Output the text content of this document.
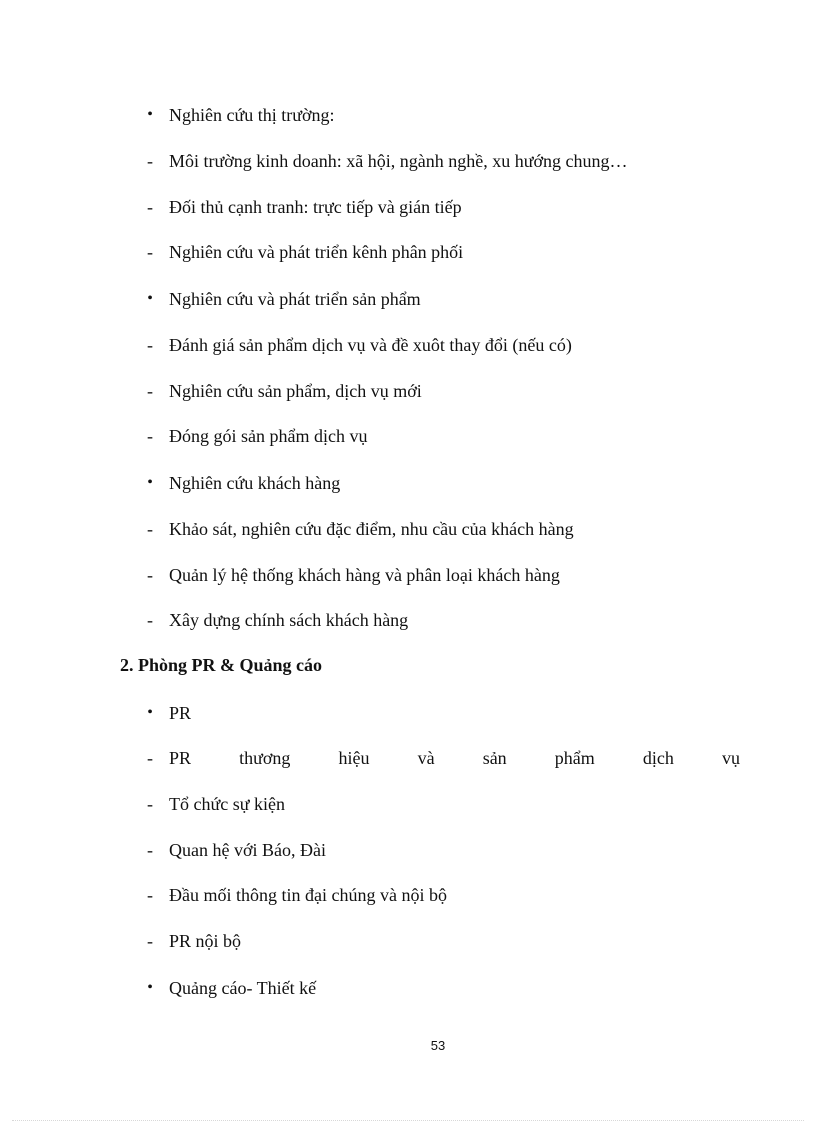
• Nghiên cứu thị trường:
- Môi trường kinh doanh: xã hội, ngành nghề, xu hướng chung…
- Đối thủ cạnh tranh: trực tiếp và gián tiếp
- Nghiên cứu và phát triển kênh phân phối
• Nghiên cứu và phát triển sản phẩm
- Đánh giá sản phẩm dịch vụ và đề xuôt thay đổi (nếu có)
- Nghiên cứu sản phẩm, dịch vụ mới
- Đóng gói sản phẩm dịch vụ
• Nghiên cứu khách hàng
- Khảo sát, nghiên cứu đặc điểm, nhu cầu của khách hàng
- Quản lý hệ thống khách hàng và phân loại khách hàng
- Xây dựng chính sách khách hàng
2. Phòng PR & Quảng cáo
• PR
- PR	thương	hiệu	và	sản	phẩm	dịch	vụ
- Tổ chức sự kiện
- Quan hệ với Báo, Đài
- Đầu mối thông tin đại chúng và nội bộ
- PR nội bộ
• Quảng cáo- Thiết kế
53
